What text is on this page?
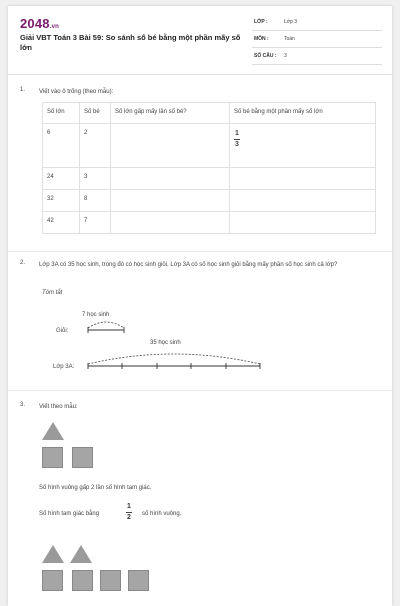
2048.vn
Giải VBT Toán 3 Bài 59: So sánh số bé bằng một phần mấy số lớn
LỚP :	Lớp 3
MÔN :	Toán
SỐ CÂU : 3
1. Viết vào ô trống (theo mẫu):
Số lớn	Số bé	Số lớn gấp mấy lần số bé?	Số bé bằng một phần mấy số lớn
6	2		$\frac{1}{3}$
24	3		
32	8		
42	7		
2. Lớp 3A có 35 học sinh, trong đó có học sinh giỏi. Lớp 3A có số học sinh giỏi bằng mấy phần số học sinh cả lớp?
Tóm tắt
7 học sinh
Giỏi:
35 học sinh
Lớp 3A:
3. Viết theo mẫu:
Số hình vuông gấp 2 lần số hình tam giác.
Số hình tam giác bằng
1
2 số hình vuông.
